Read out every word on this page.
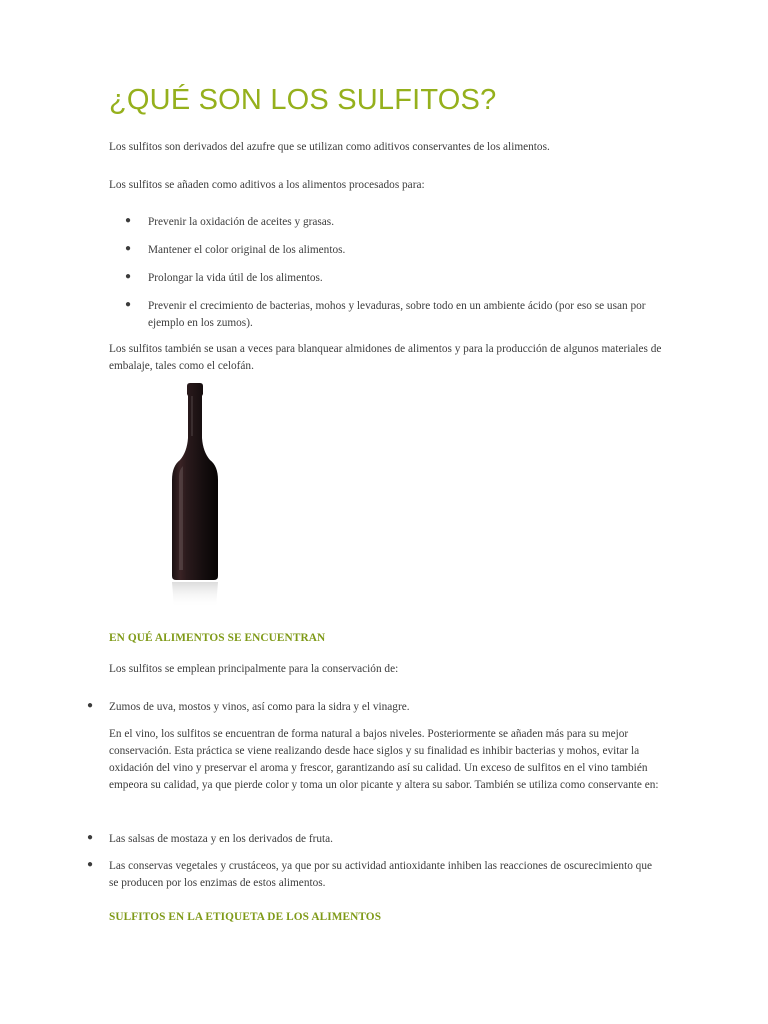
¿QUÉ SON LOS SULFITOS?

Los sulfitos son derivados del azufre que se utilizan como aditivos conservantes de los alimentos.

Los sulfitos se añaden como aditivos a los alimentos procesados para:

● Prevenir la oxidación de aceites y grasas.

● Mantener el color original de los alimentos.

● Prolongar la vida útil de los alimentos.

● Prevenir el crecimiento de bacterias, mohos y levaduras, sobre todo en un ambiente ácido (por eso se usan por ejemplo en los zumos).

Los sulfitos también se usan a veces para blanquear almidones de alimentos y para la producción de algunos materiales de embalaje, tales como el celofán.

EN QUÉ ALIMENTOS SE ENCUENTRAN

Los sulfitos se emplean principalmente para la conservación de:

● Zumos de uva, mostos y vinos, así como para la sidra y el vinagre.

En el vino, los sulfitos se encuentran de forma natural a bajos niveles. Posteriormente se añaden más para su mejor conservación. Esta práctica se viene realizando desde hace siglos y su finalidad es inhibir bacterias y mohos, evitar la oxidación del vino y preservar el aroma y frescor, garantizando así su calidad. Un exceso de sulfitos en el vino también empeora su calidad, ya que pierde color y toma un olor picante y altera su sabor. También se utiliza como conservante en:

● Las salsas de mostaza y en los derivados de fruta.

● Las conservas vegetales y crustáceos, ya que por su actividad antioxidante inhiben las reacciones de oscurecimiento que se producen por los enzimas de estos alimentos.

SULFITOS EN LA ETIQUETA DE LOS ALIMENTOS
